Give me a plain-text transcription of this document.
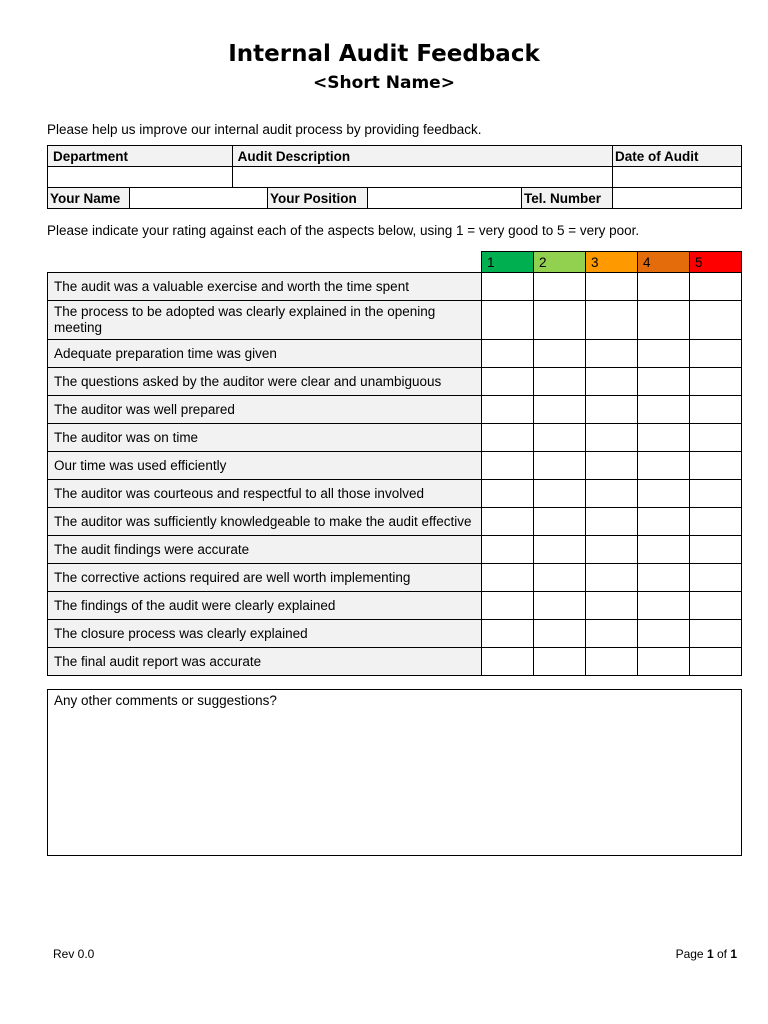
Internal Audit Feedback
<Short Name>
Please help us improve our internal audit process by providing feedback.
Department		Audit Description				Date of Audit

Your Name			Your Position		Tel. Number	
Please indicate your rating against each of the aspects below, using 1 = very good to 5 = very poor.
	1	2	3	4	5
The audit was a valuable exercise and worth the time spent					
The process to be adopted was clearly explained in the opening meeting					
Adequate preparation time was given					
The questions asked by the auditor were clear and unambiguous					
The auditor was well prepared					
The auditor was on time					
Our time was used efficiently					
The auditor was courteous and respectful to all those involved					
The auditor was sufficiently knowledgeable to make the audit effective					
The audit findings were accurate					
The corrective actions required are well worth implementing					
The findings of the audit were clearly explained					
The closure process was clearly explained					
The final audit report was accurate					
Any other comments or suggestions?
Rev 0.0	Page 1 of 1
